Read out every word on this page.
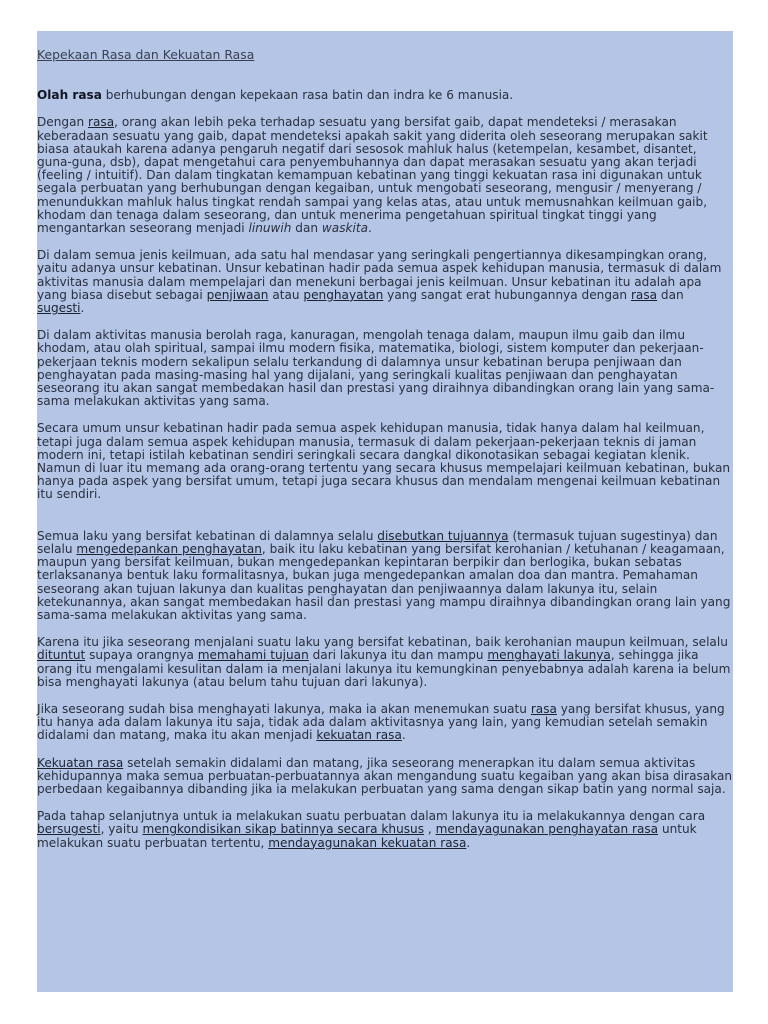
Kepekaan Rasa dan Kekuatan Rasa

Olah rasa berhubungan dengan kepekaan rasa batin dan indra ke 6 manusia.

Dengan rasa, orang akan lebih peka terhadap sesuatu yang bersifat gaib, dapat mendeteksi / merasakan keberadaan sesuatu yang gaib, dapat mendeteksi apakah sakit yang diderita oleh seseorang merupakan sakit biasa ataukah karena adanya pengaruh negatif dari sesosok mahluk halus (ketempelan, kesambet, disantet, guna-guna, dsb), dapat mengetahui cara penyembuhannya dan dapat merasakan sesuatu yang akan terjadi (feeling / intuitif). Dan dalam tingkatan kemampuan kebatinan yang tinggi kekuatan rasa ini digunakan untuk segala perbuatan yang berhubungan dengan kegaiban, untuk mengobati seseorang, mengusir / menyerang / menundukkan mahluk halus tingkat rendah sampai yang kelas atas, atau untuk memusnahkan keilmuan gaib, khodam dan tenaga dalam seseorang, dan untuk menerima pengetahuan spiritual tingkat tinggi yang mengantarkan seseorang menjadi linuwih dan waskita.

Di dalam semua jenis keilmuan, ada satu hal mendasar yang seringkali pengertiannya dikesampingkan orang, yaitu adanya unsur kebatinan. Unsur kebatinan hadir pada semua aspek kehidupan manusia, termasuk di dalam aktivitas manusia dalam mempelajari dan menekuni berbagai jenis keilmuan. Unsur kebatinan itu adalah apa yang biasa disebut sebagai penjiwaan atau penghayatan yang sangat erat hubungannya dengan rasa dan sugesti.

Di dalam aktivitas manusia berolah raga, kanuragan, mengolah tenaga dalam, maupun ilmu gaib dan ilmu khodam, atau olah spiritual, sampai ilmu modern fisika, matematika, biologi, sistem komputer dan pekerjaan-pekerjaan teknis modern sekalipun selalu terkandung di dalamnya unsur kebatinan berupa penjiwaan dan penghayatan pada masing-masing hal yang dijalani, yang seringkali kualitas penjiwaan dan penghayatan seseorang itu akan sangat membedakan hasil dan prestasi yang diraihnya dibandingkan orang lain yang sama-sama melakukan aktivitas yang sama.

Secara umum unsur kebatinan hadir pada semua aspek kehidupan manusia, tidak hanya dalam hal keilmuan, tetapi juga dalam semua aspek kehidupan manusia, termasuk di dalam pekerjaan-pekerjaan teknis di jaman modern ini, tetapi istilah kebatinan sendiri seringkali secara dangkal dikonotasikan sebagai kegiatan klenik. Namun di luar itu memang ada orang-orang tertentu yang secara khusus mempelajari keilmuan kebatinan, bukan hanya pada aspek yang bersifat umum, tetapi juga secara khusus dan mendalam mengenai keilmuan kebatinan itu sendiri.

Semua laku yang bersifat kebatinan di dalamnya selalu disebutkan tujuannya (termasuk tujuan sugestinya) dan selalu mengedepankan penghayatan, baik itu laku kebatinan yang bersifat kerohanian / ketuhanan / keagamaan, maupun yang bersifat keilmuan, bukan mengedepankan kepintaran berpikir dan berlogika, bukan sebatas terlaksananya bentuk laku formalitasnya, bukan juga mengedepankan amalan doa dan mantra. Pemahaman seseorang akan tujuan lakunya dan kualitas penghayatan dan penjiwaannya dalam lakunya itu, selain ketekunannya, akan sangat membedakan hasil dan prestasi yang mampu diraihnya dibandingkan orang lain yang sama-sama melakukan aktivitas yang sama.

Karena itu jika seseorang menjalani suatu laku yang bersifat kebatinan, baik kerohanian maupun keilmuan, selalu dituntut supaya orangnya memahami tujuan dari lakunya itu dan mampu menghayati lakunya, sehingga jika orang itu mengalami kesulitan dalam ia menjalani lakunya itu kemungkinan penyebabnya adalah karena ia belum bisa menghayati lakunya (atau belum tahu tujuan dari lakunya).

Jika seseorang sudah bisa menghayati lakunya, maka ia akan menemukan suatu rasa yang bersifat khusus, yang itu hanya ada dalam lakunya itu saja, tidak ada dalam aktivitasnya yang lain, yang kemudian setelah semakin didalami dan matang, maka itu akan menjadi kekuatan rasa.

Kekuatan rasa setelah semakin didalami dan matang, jika seseorang menerapkan itu dalam semua aktivitas kehidupannya maka semua perbuatan-perbuatannya akan mengandung suatu kegaiban yang akan bisa dirasakan perbedaan kegaibannya dibanding jika ia melakukan perbuatan yang sama dengan sikap batin yang normal saja.

Pada tahap selanjutnya untuk ia melakukan suatu perbuatan dalam lakunya itu ia melakukannya dengan cara bersugesti, yaitu mengkondisikan sikap batinnya secara khusus , mendayagunakan penghayatan rasa untuk melakukan suatu perbuatan tertentu, mendayagunakan kekuatan rasa.
